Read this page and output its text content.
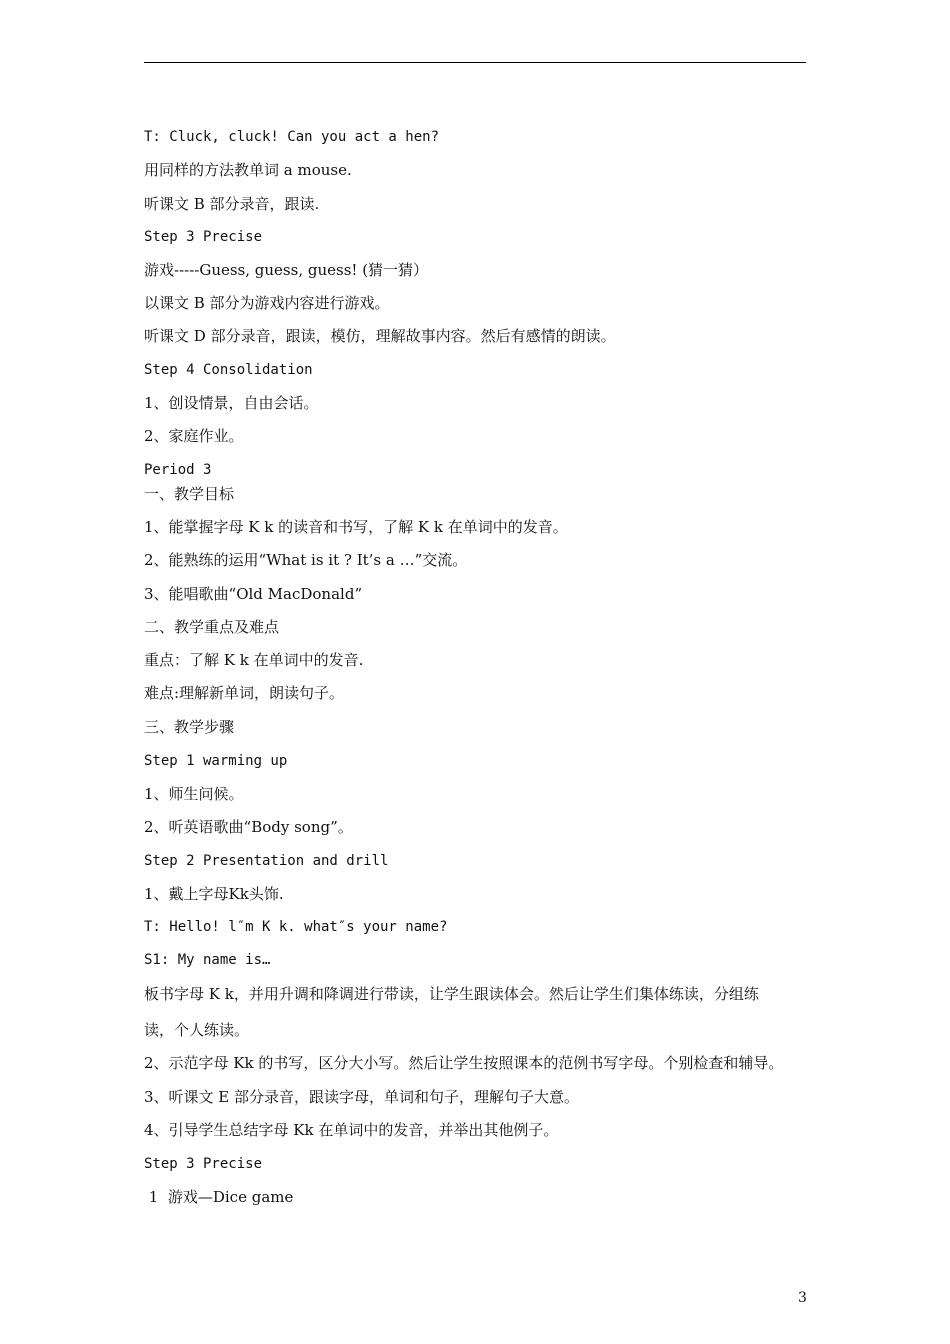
T: Cluck, cluck! Can you act a hen?
用同样的方法教单词 a mouse.
听课文 B 部分录音，跟读.
Step 3 Precise
游戏-----Guess, guess, guess! (猜一猜）
以课文 B 部分为游戏内容进行游戏。
听课文 D 部分录音，跟读，模仿，理解故事内容。然后有感情的朗读。
Step 4 Consolidation
1、创设情景，自由会话。
2、家庭作业。
Period 3
一、教学目标
1、能掌握字母 K k 的读音和书写，了解 K k 在单词中的发音。
2、能熟练的运用“What is it ? It’s a …”交流。
3、能唱歌曲“Old MacDonald”
二、教学重点及难点
重点：了解 K k 在单词中的发音.
难点:理解新单词，朗读句子。
三、教学步骤
Step 1 warming up
1、师生问候。
2、听英语歌曲“Body song”。
Step 2 Presentation and drill
1、戴上字母Kk头饰.
T: Hello! l″m K k. what″s your name?
S1: My name is…
板书字母 K k，并用升调和降调进行带读，让学生跟读体会。然后让学生们集体练读，分组练
读，个人练读。
2、示范字母 Kk 的书写，区分大小写。然后让学生按照课本的范例书写字母。个别检查和辅导。
3、听课文 E 部分录音，跟读字母，单词和句子，理解句子大意。
4、引导学生总结字母 Kk 在单词中的发音，并举出其他例子。
Step 3 Precise
1  游戏—Dice game
3
